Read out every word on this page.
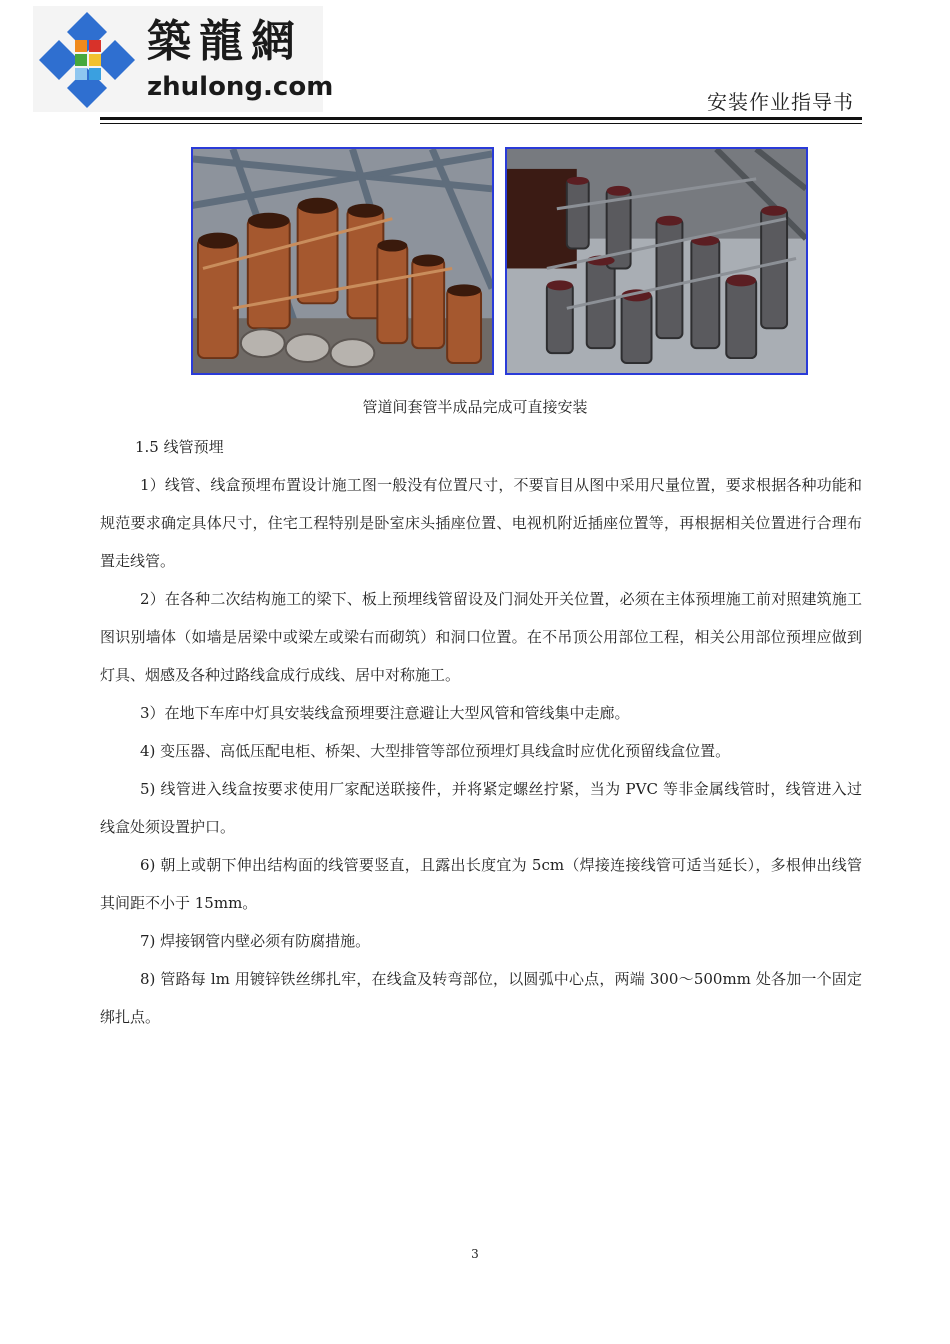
築龍網
zhulong.com	安装作业指导书
管道间套管半成品完成可直接安装
1.5 线管预埋

1）线管、线盒预埋布置设计施工图一般没有位置尺寸，不要盲目从图中采用尺量位置，要求根据各种功能和规范要求确定具体尺寸，住宅工程特别是卧室床头插座位置、电视机附近插座位置等，再根据相关位置进行合理布置走线管。

2）在各种二次结构施工的梁下、板上预埋线管留设及门洞处开关位置，必须在主体预埋施工前对照建筑施工图识别墙体（如墙是居梁中或梁左或梁右而砌筑）和洞口位置。在不吊顶公用部位工程，相关公用部位预埋应做到灯具、烟感及各种过路线盒成行成线、居中对称施工。

3）在地下车库中灯具安装线盒预埋要注意避让大型风管和管线集中走廊。

4) 变压器、高低压配电柜、桥架、大型排管等部位预埋灯具线盒时应优化预留线盒位置。

5) 线管进入线盒按要求使用厂家配送联接件，并将紧定螺丝拧紧，当为 PVC 等非金属线管时，线管进入过线盒处须设置护口。

6) 朝上或朝下伸出结构面的线管要竖直，且露出长度宜为 5cm（焊接连接线管可适当延长），多根伸出线管其间距不小于 15mm。

7) 焊接钢管内壁必须有防腐措施。

8) 管路每 lm 用镀锌铁丝绑扎牢，在线盒及转弯部位，以圆弧中心点，两端 300～500mm 处各加一个固定绑扎点。

3
